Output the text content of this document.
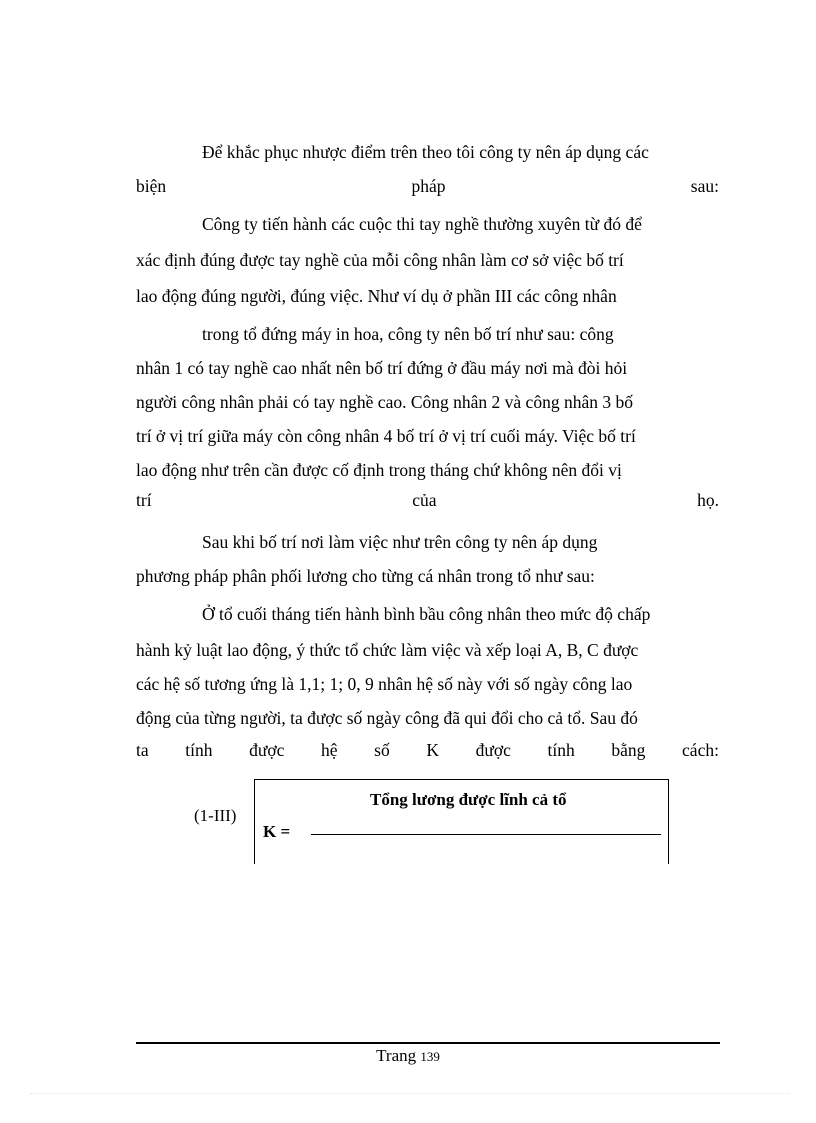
Để khắc phục nhược điểm trên theo tôi công ty nên áp dụng các
biện	pháp	sau:
Công ty tiến hành các cuộc thi tay nghề thường xuyên từ đó để
xác định đúng được tay nghề của mỗi công nhân làm cơ sở việc bố trí
lao động đúng người, đúng việc. Như ví dụ ở phần III các công nhân
trong tổ đứng máy in hoa, công ty nên bố trí như sau: công
nhân 1 có tay nghề cao nhất nên bố trí đứng ở đầu máy nơi mà đòi hỏi
người công nhân phải có tay nghề cao. Công nhân 2 và công nhân 3 bố
trí ở vị trí giữa máy còn công nhân 4 bố trí ở vị trí cuối máy. Việc bố trí
lao động như trên cần được cố định trong tháng chứ không nên đổi vị
trí	của	họ.
Sau khi bố trí nơi làm việc như trên công ty nên áp dụng
phương pháp phân phối lương cho từng cá nhân trong tổ như sau:
Ở tổ cuối tháng tiến hành bình bầu công nhân theo mức độ chấp
hành kỷ luật lao động, ý thức tổ chức làm việc và xếp loại A, B, C được
các hệ số tương ứng là 1,1; 1; 0, 9 nhân hệ số này với số ngày công lao
động của từng người, ta được số ngày công đã qui đổi cho cả tổ. Sau đó
ta tính được hệ số K được tính bằng cách:
(1-III)
Tổng lương được lĩnh cả tổ
K =
Trang 139
